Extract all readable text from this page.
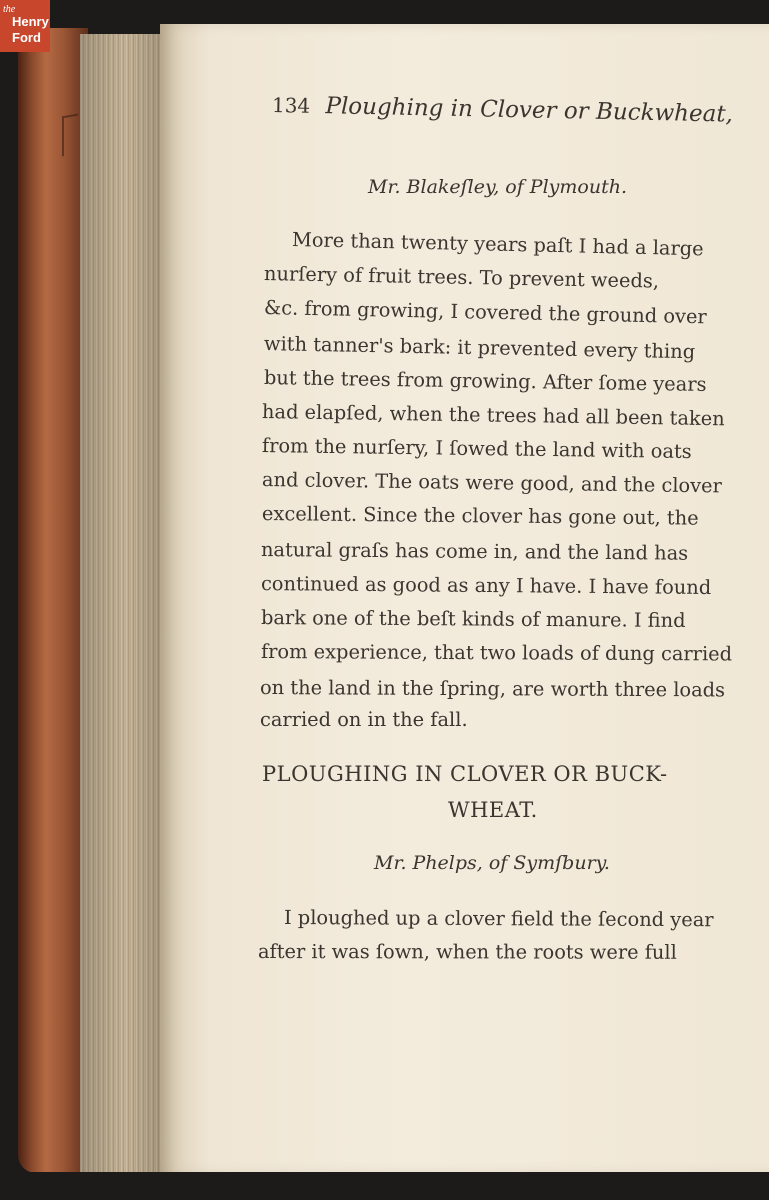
the
Henry
Ford
134 Ploughing in Clover or Buckwheat,
Mr. Blakeſley, of Plymouth.
More than twenty years paſt I had a large
nurſery of fruit trees. To prevent weeds,
&c. from growing, I covered the ground over
with tanner's bark: it prevented every thing
but the trees from growing. After ſome years
had elapſed, when the trees had all been taken
from the nurſery, I ſowed the land with oats
and clover. The oats were good, and the clover
excellent. Since the clover has gone out, the
natural graſs has come in, and the land has
continued as good as any I have. I have found
bark one of the beſt kinds of manure. I find
from experience, that two loads of dung carried
on the land in the ſpring, are worth three loads
carried on in the fall.
PLOUGHING IN CLOVER OR BUCK-
WHEAT.
Mr. Phelps, of Symſbury.
I ploughed up a clover field the ſecond year
after it was ſown, when the roots were full
